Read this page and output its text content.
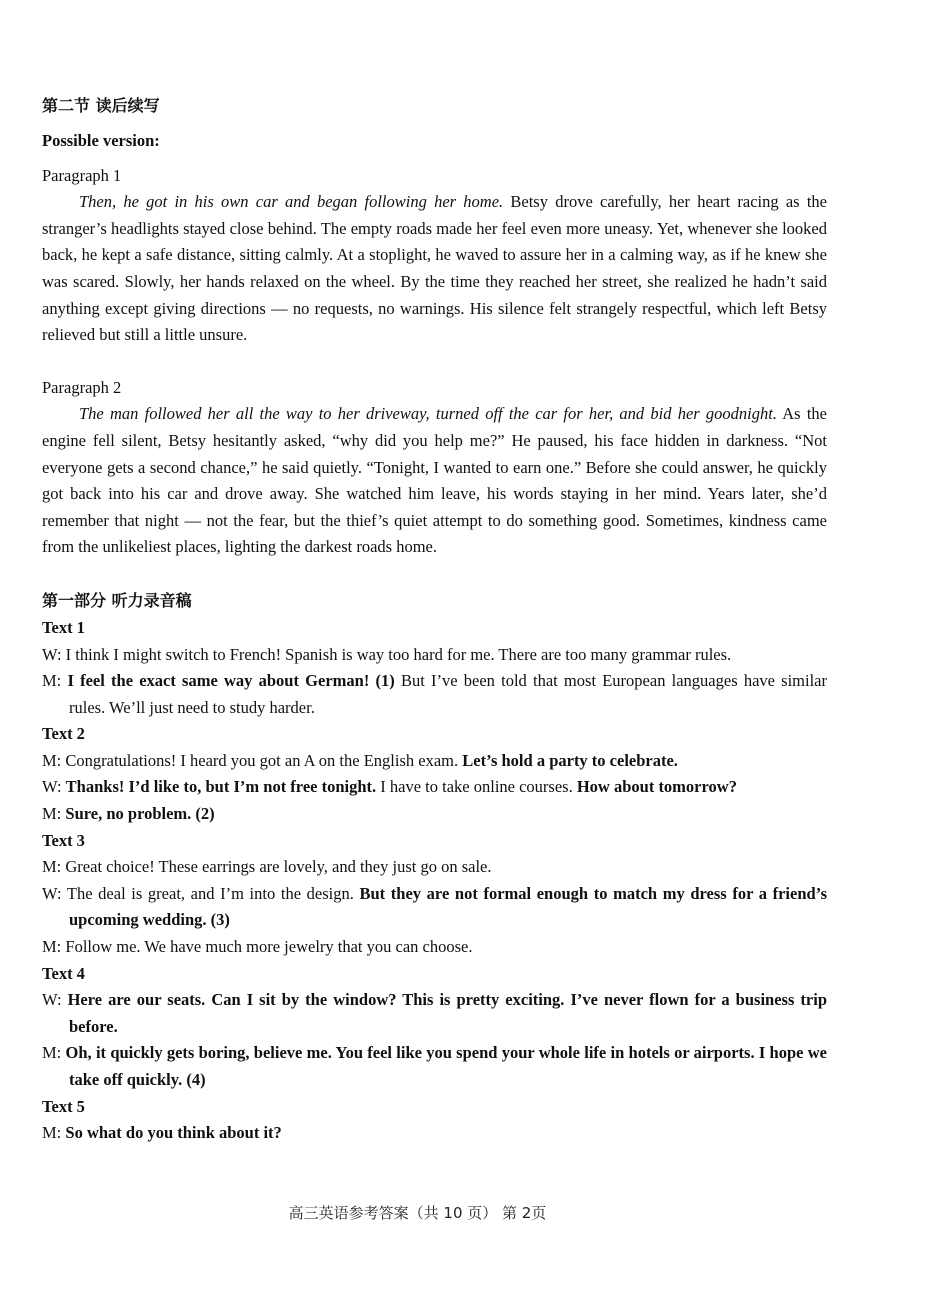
第二节 读后续写
Possible version:
Paragraph 1

Then, he got in his own car and began following her home. Betsy drove carefully, her heart racing as the stranger’s headlights stayed close behind. The empty roads made her feel even more uneasy. Yet, whenever she looked back, he kept a safe distance, sitting calmly. At a stoplight, he waved to assure her in a calming way, as if he knew she was scared. Slowly, her hands relaxed on the wheel. By the time they reached her street, she realized he hadn’t said anything except giving directions — no requests, no warnings. His silence felt strangely respectful, which left Betsy relieved but still a little unsure.

Paragraph 2

The man followed her all the way to her driveway, turned off the car for her, and bid her goodnight. As the engine fell silent, Betsy hesitantly asked, “why did you help me?” He paused, his face hidden in darkness. “Not everyone gets a second chance,” he said quietly. “Tonight, I wanted to earn one.” Before she could answer, he quickly got back into his car and drove away. She watched him leave, his words staying in her mind. Years later, she’d remember that night — not the fear, but the thief’s quiet attempt to do something good. Sometimes, kindness came from the unlikeliest places, lighting the darkest roads home.

第一部分 听力录音稿
Text 1
W: I think I might switch to French! Spanish is way too hard for me. There are too many grammar rules.
M: I feel the exact same way about German! (1) But I’ve been told that most European languages have similar rules. We’ll just need to study harder.
Text 2
M: Congratulations! I heard you got an A on the English exam. Let’s hold a party to celebrate.
W: Thanks! I’d like to, but I’m not free tonight. I have to take online courses. How about tomorrow?
M: Sure, no problem. (2)
Text 3
M: Great choice! These earrings are lovely, and they just go on sale.
W: The deal is great, and I’m into the design. But they are not formal enough to match my dress for a friend’s upcoming wedding. (3)
M: Follow me. We have much more jewelry that you can choose.
Text 4
W: Here are our seats. Can I sit by the window? This is pretty exciting. I’ve never flown for a business trip before.
M: Oh, it quickly gets boring, believe me. You feel like you spend your whole life in hotels or airports. I hope we take off quickly. (4)
Text 5
M: So what do you think about it?
高三英语参考答案（共 10 页） 第 2页
